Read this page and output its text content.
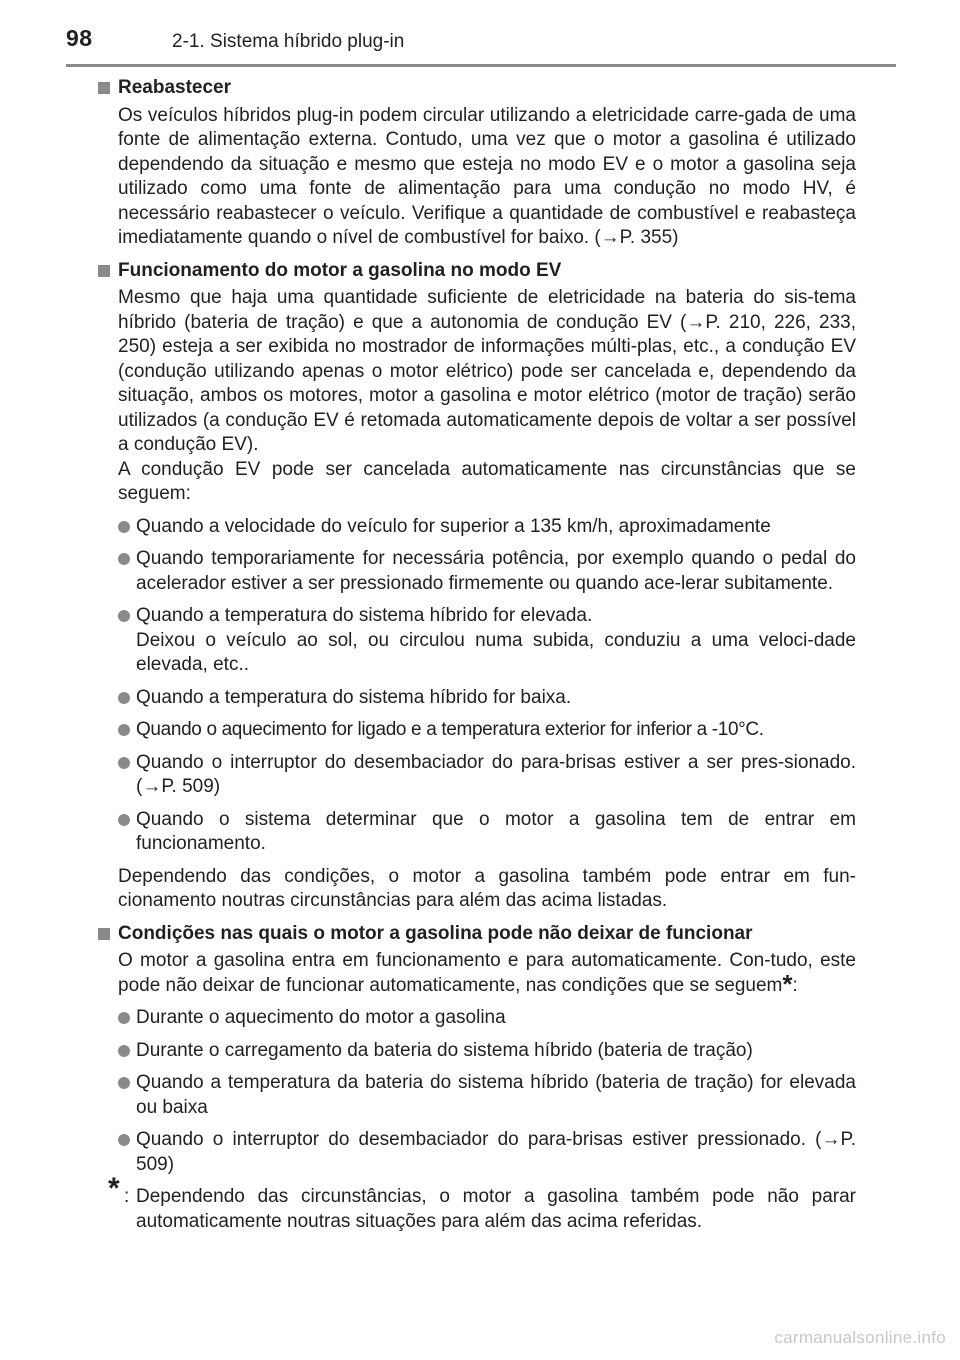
98	2-1. Sistema híbrido plug-in
Reabastecer

Os veículos híbridos plug-in podem circular utilizando a eletricidade carre-gada de uma fonte de alimentação externa. Contudo, uma vez que o motor a gasolina é utilizado dependendo da situação e mesmo que esteja no modo EV e o motor a gasolina seja utilizado como uma fonte de alimentação para uma condução no modo HV, é necessário reabastecer o veículo. Verifique a quantidade de combustível e reabasteça imediatamente quando o nível de combustível for baixo. (→P. 355)

Funcionamento do motor a gasolina no modo EV

Mesmo que haja uma quantidade suficiente de eletricidade na bateria do sis-tema híbrido (bateria de tração) e que a autonomia de condução EV (→P. 210, 226, 233, 250) esteja a ser exibida no mostrador de informações múlti-plas, etc., a condução EV (condução utilizando apenas o motor elétrico) pode ser cancelada e, dependendo da situação, ambos os motores, motor a gasolina e motor elétrico (motor de tração) serão utilizados (a condução EV é retomada automaticamente depois de voltar a ser possível a condução EV).

A condução EV pode ser cancelada automaticamente nas circunstâncias que se seguem:

Quando a velocidade do veículo for superior a 135 km/h, aproximadamente
Quando temporariamente for necessária potência, por exemplo quando o pedal do acelerador estiver a ser pressionado firmemente ou quando ace-lerar subitamente.
Quando a temperatura do sistema híbrido for elevada.
Deixou o veículo ao sol, ou circulou numa subida, conduziu a uma veloci-dade elevada, etc..
Quando a temperatura do sistema híbrido for baixa.
Quando o aquecimento for ligado e a temperatura exterior for inferior a -10°C.
Quando o interruptor do desembaciador do para-brisas estiver a ser pres-sionado. (→P. 509)
Quando o sistema determinar que o motor a gasolina tem de entrar em funcionamento.

Dependendo das condições, o motor a gasolina também pode entrar em fun-cionamento noutras circunstâncias para além das acima listadas.

Condições nas quais o motor a gasolina pode não deixar de funcionar

O motor a gasolina entra em funcionamento e para automaticamente. Con-tudo, este pode não deixar de funcionar automaticamente, nas condições que se seguem*:

Durante o aquecimento do motor a gasolina
Durante o carregamento da bateria do sistema híbrido (bateria de tração)
Quando a temperatura da bateria do sistema híbrido (bateria de tração) for elevada ou baixa
Quando o interruptor do desembaciador do para-brisas estiver pressionado. (→P. 509)
* : Dependendo das circunstâncias, o motor a gasolina também pode não parar automaticamente noutras situações para além das acima referidas.
carmanualsonline.info
